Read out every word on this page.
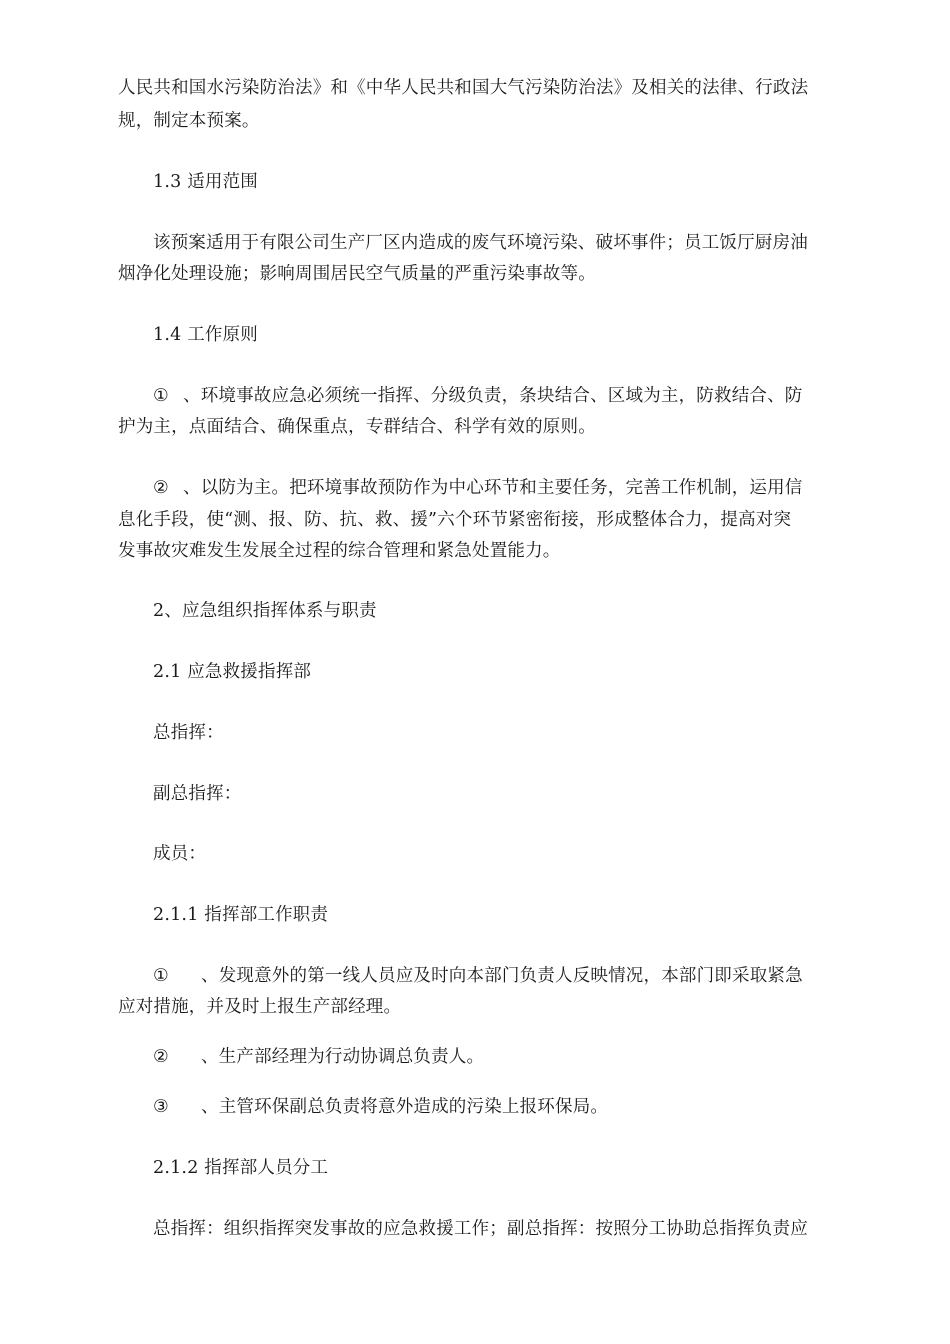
人民共和国水污染防治法》和《中华人民共和国大气污染防治法》及相关的法律、行政法
规，制定本预案。
1.3 适用范围
该预案适用于有限公司生产厂区内造成的废气环境污染、破坏事件；员工饭厅厨房油
烟净化处理设施；影响周围居民空气质量的严重污染事故等。
1.4 工作原则
① 、环境事故应急必须统一指挥、分级负责，条块结合、区域为主，防救结合、防
护为主，点面结合、确保重点，专群结合、科学有效的原则。
② 、以防为主。把环境事故预防作为中心环节和主要任务，完善工作机制，运用信
息化手段，使“测、报、防、抗、救、援”六个环节紧密衔接，形成整体合力，提高对突
发事故灾难发生发展全过程的综合管理和紧急处置能力。
2、应急组织指挥体系与职责
2.1 应急救援指挥部
总指挥：
副总指挥：
成员：
2.1.1 指挥部工作职责
① 、发现意外的第一线人员应及时向本部门负责人反映情况，本部门即采取紧急
应对措施，并及时上报生产部经理。
② 、生产部经理为行动协调总负责人。
③ 、主管环保副总负责将意外造成的污染上报环保局。
2.1.2 指挥部人员分工
总指挥：组织指挥突发事故的应急救援工作；副总指挥：按照分工协助总指挥负责应
